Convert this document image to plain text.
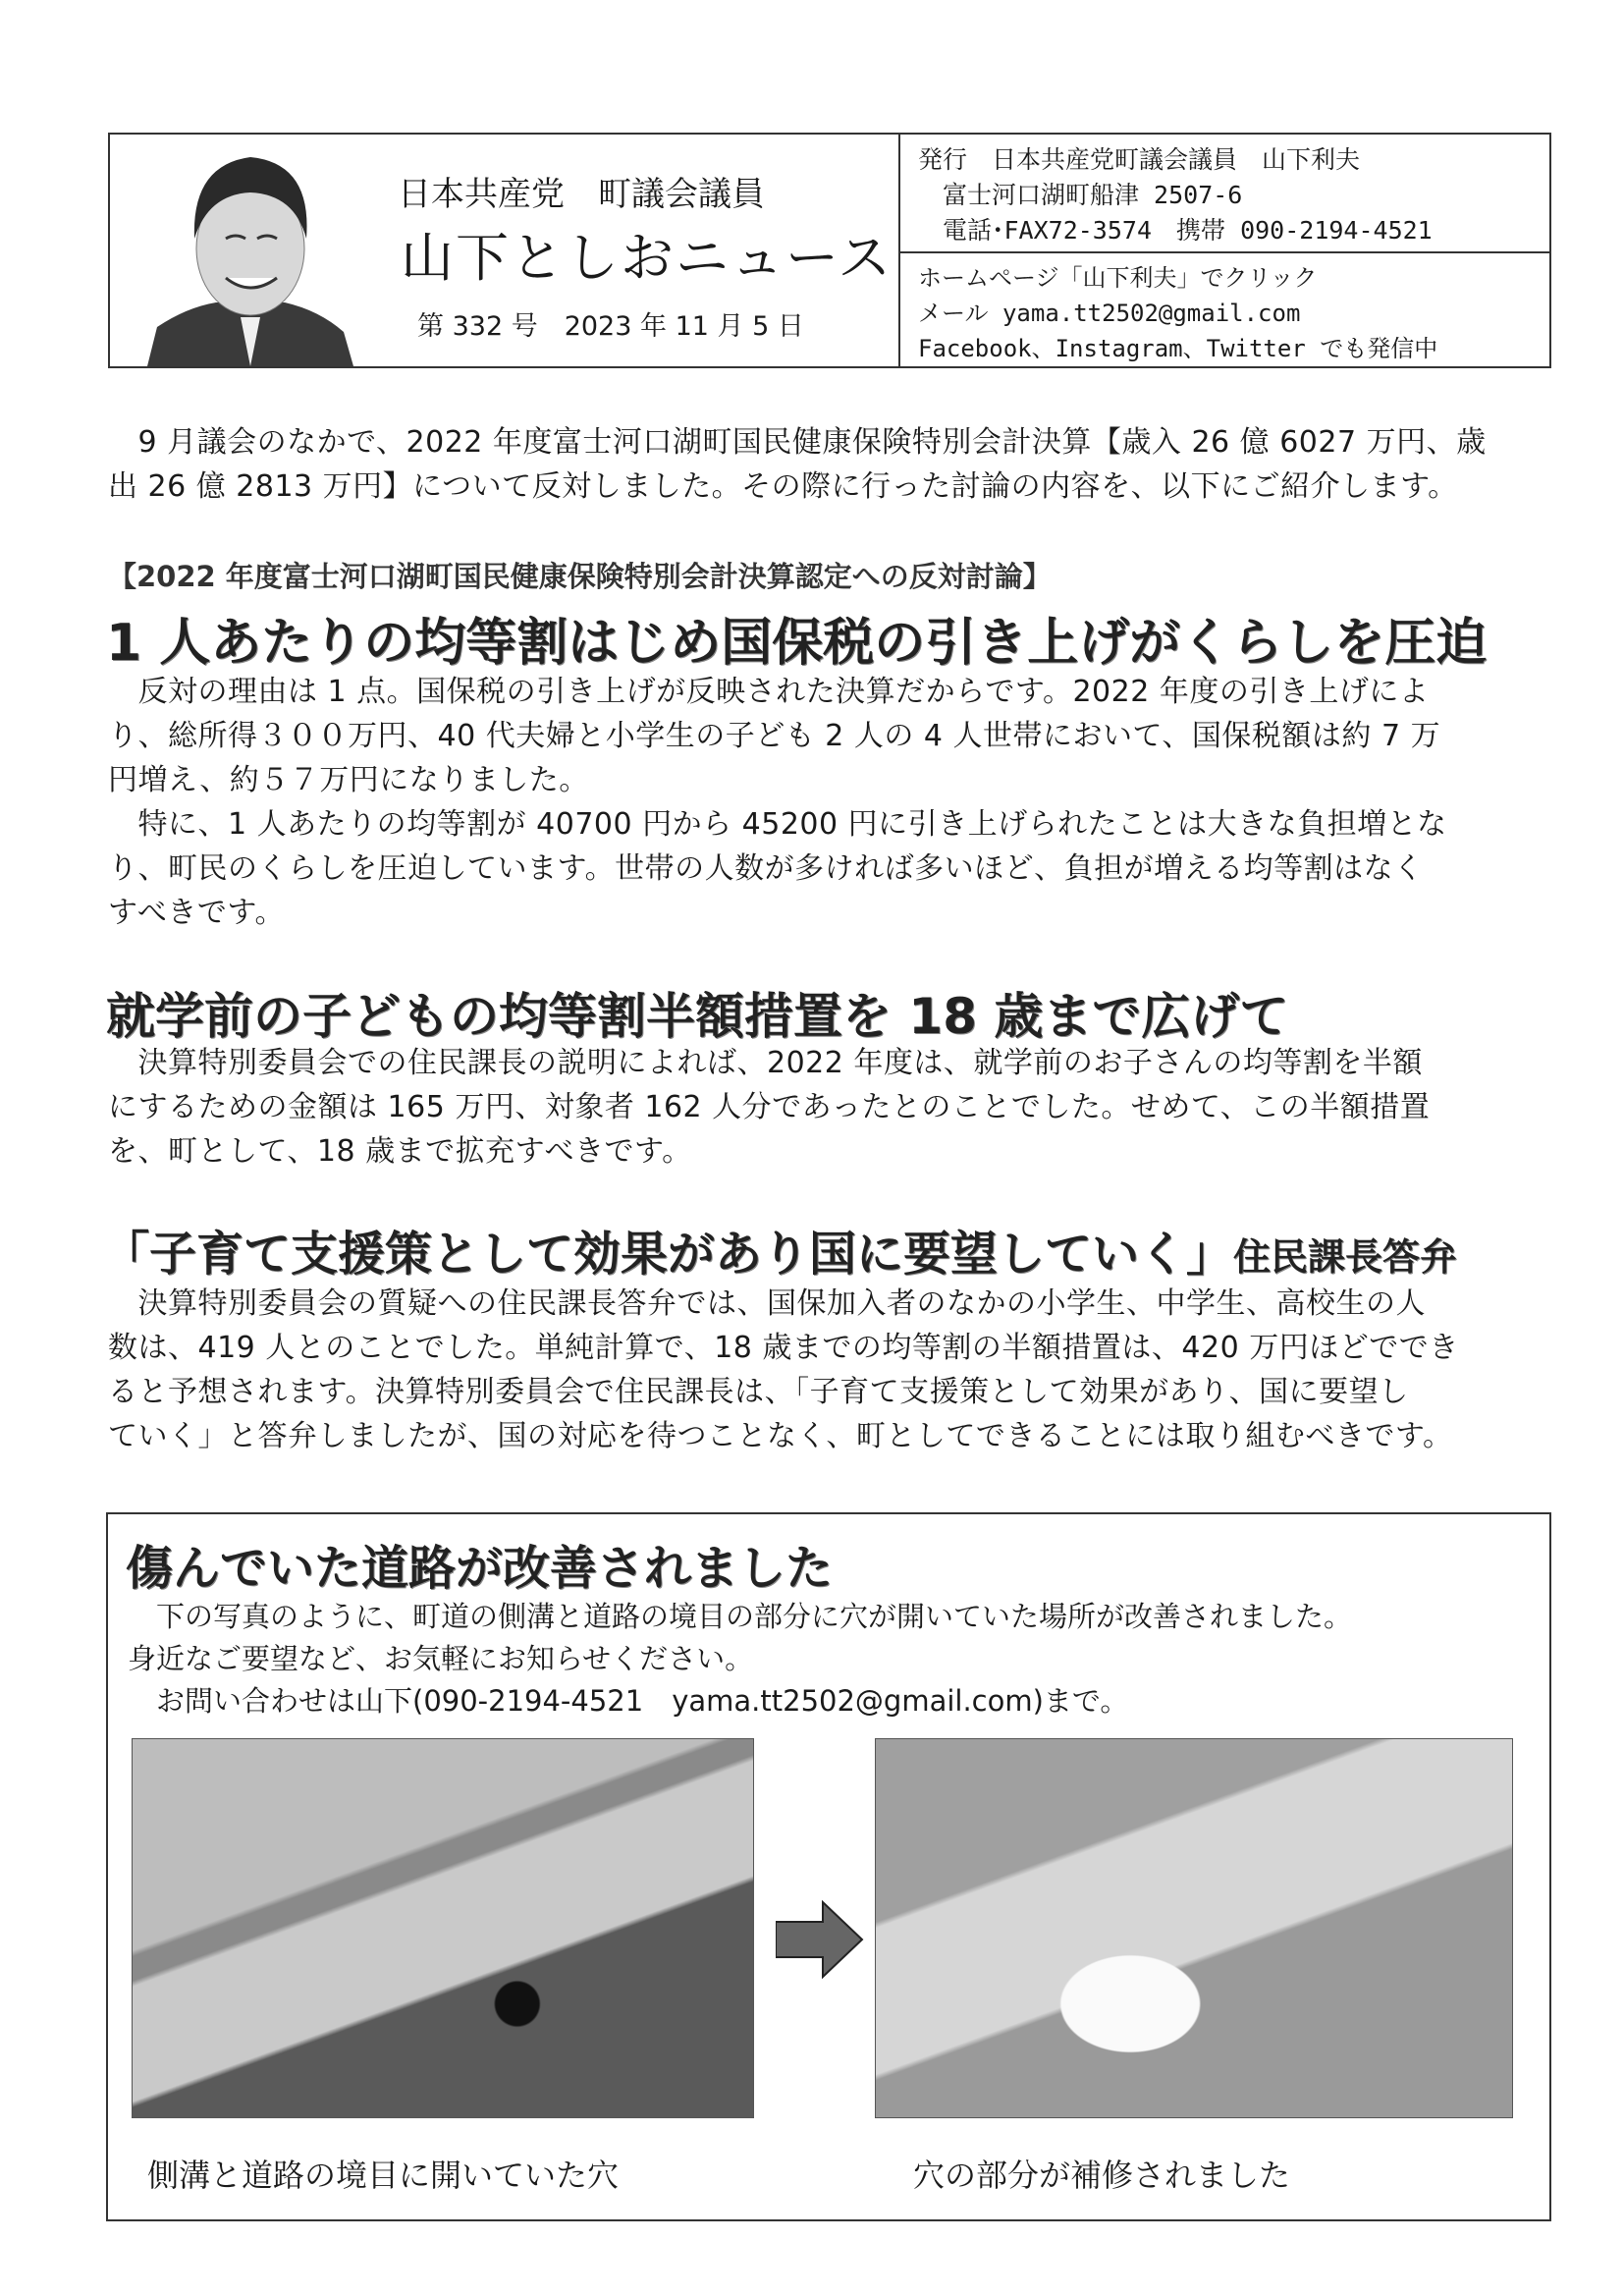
日本共産党　町議会議員
山下としおニュース
第 332 号　2023 年 11 月 5 日
発行　日本共産党町議会議員　山下利夫
　富士河口湖町船津 2507-6
　電話･FAX72-3574　携帯 090-2194-4521
ホームページ「山下利夫」でクリック
メール yama.tt2502@gmail.com
Facebook、Instagram、Twitter でも発信中
　9 月議会のなかで、2022 年度富士河口湖町国民健康保険特別会計決算【歳入 26 億 6027 万円、歳
出 26 億 2813 万円】について反対しました。その際に行った討論の内容を、以下にご紹介します。
【2022 年度富士河口湖町国民健康保険特別会計決算認定への反対討論】
1 人あたりの均等割はじめ国保税の引き上げがくらしを圧迫
　反対の理由は 1 点。国保税の引き上げが反映された決算だからです。2022 年度の引き上げによ
り、総所得３００万円、40 代夫婦と小学生の子ども 2 人の 4 人世帯において、国保税額は約 7 万
円増え、約５７万円になりました。
　特に、1 人あたりの均等割が 40700 円から 45200 円に引き上げられたことは大きな負担増とな
り、町民のくらしを圧迫しています。世帯の人数が多ければ多いほど、負担が増える均等割はなく
すべきです。
就学前の子どもの均等割半額措置を 18 歳まで広げて
　決算特別委員会での住民課長の説明によれば、2022 年度は、就学前のお子さんの均等割を半額
にするための金額は 165 万円、対象者 162 人分であったとのことでした。せめて、この半額措置
を、町として、18 歳まで拡充すべきです。
「子育て支援策として効果があり国に要望していく」住民課長答弁
　決算特別委員会の質疑への住民課長答弁では、国保加入者のなかの小学生、中学生、高校生の人
数は、419 人とのことでした。単純計算で、18 歳までの均等割の半額措置は、420 万円ほどででき
ると予想されます。決算特別委員会で住民課長は、「子育て支援策として効果があり、国に要望し
ていく」と答弁しましたが、国の対応を待つことなく、町としてできることには取り組むべきです。
傷んでいた道路が改善されました
　下の写真のように、町道の側溝と道路の境目の部分に穴が開いていた場所が改善されました。
身近なご要望など、お気軽にお知らせください。
　お問い合わせは山下(090-2194-4521　yama.tt2502@gmail.com)まで。
側溝と道路の境目に開いていた穴	穴の部分が補修されました
